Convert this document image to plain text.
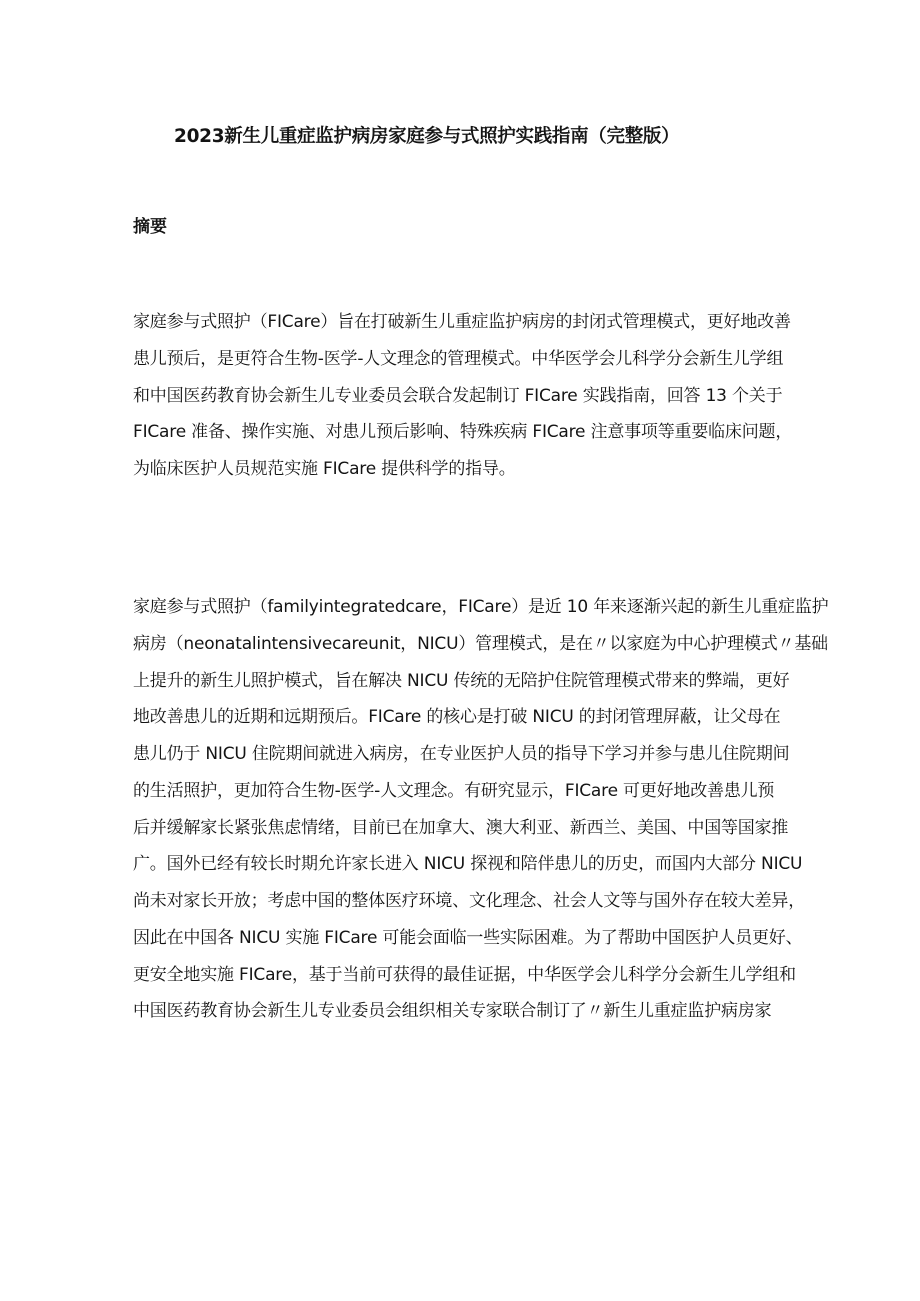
2023新生儿重症监护病房家庭参与式照护实践指南（完整版）
摘要

家庭参与式照护（FICare）旨在打破新生儿重症监护病房的封闭式管理模式，更好地改善
患儿预后，是更符合生物-医学-人文理念的管理模式。中华医学会儿科学分会新生儿学组
和中国医药教育协会新生儿专业委员会联合发起制订 FICare 实践指南，回答 13 个关于
FICare 准备、操作实施、对患儿预后影响、特殊疾病 FICare 注意事项等重要临床问题，
为临床医护人员规范实施 FICare 提供科学的指导。

家庭参与式照护（familyintegratedcare，FICare）是近 10 年来逐渐兴起的新生儿重症监护
病房（neonatalintensivecareunit，NICU）管理模式，是在〃以家庭为中心护理模式〃基础
上提升的新生儿照护模式，旨在解决 NICU 传统的无陪护住院管理模式带来的弊端，更好
地改善患儿的近期和远期预后。FICare 的核心是打破 NICU 的封闭管理屏蔽，让父母在
患儿仍于 NICU 住院期间就进入病房，在专业医护人员的指导下学习并参与患儿住院期间
的生活照护，更加符合生物-医学-人文理念。有研究显示，FICare 可更好地改善患儿预
后并缓解家长紧张焦虑情绪，目前已在加拿大、澳大利亚、新西兰、美国、中国等国家推
广。国外已经有较长时期允许家长进入 NICU 探视和陪伴患儿的历史，而国内大部分 NICU
尚未对家长开放；考虑中国的整体医疗环境、文化理念、社会人文等与国外存在较大差异，
因此在中国各 NICU 实施 FICare 可能会面临一些实际困难。为了帮助中国医护人员更好、
更安全地实施 FICare，基于当前可获得的最佳证据，中华医学会儿科学分会新生儿学组和
中国医药教育协会新生儿专业委员会组织相关专家联合制订了〃新生儿重症监护病房家
